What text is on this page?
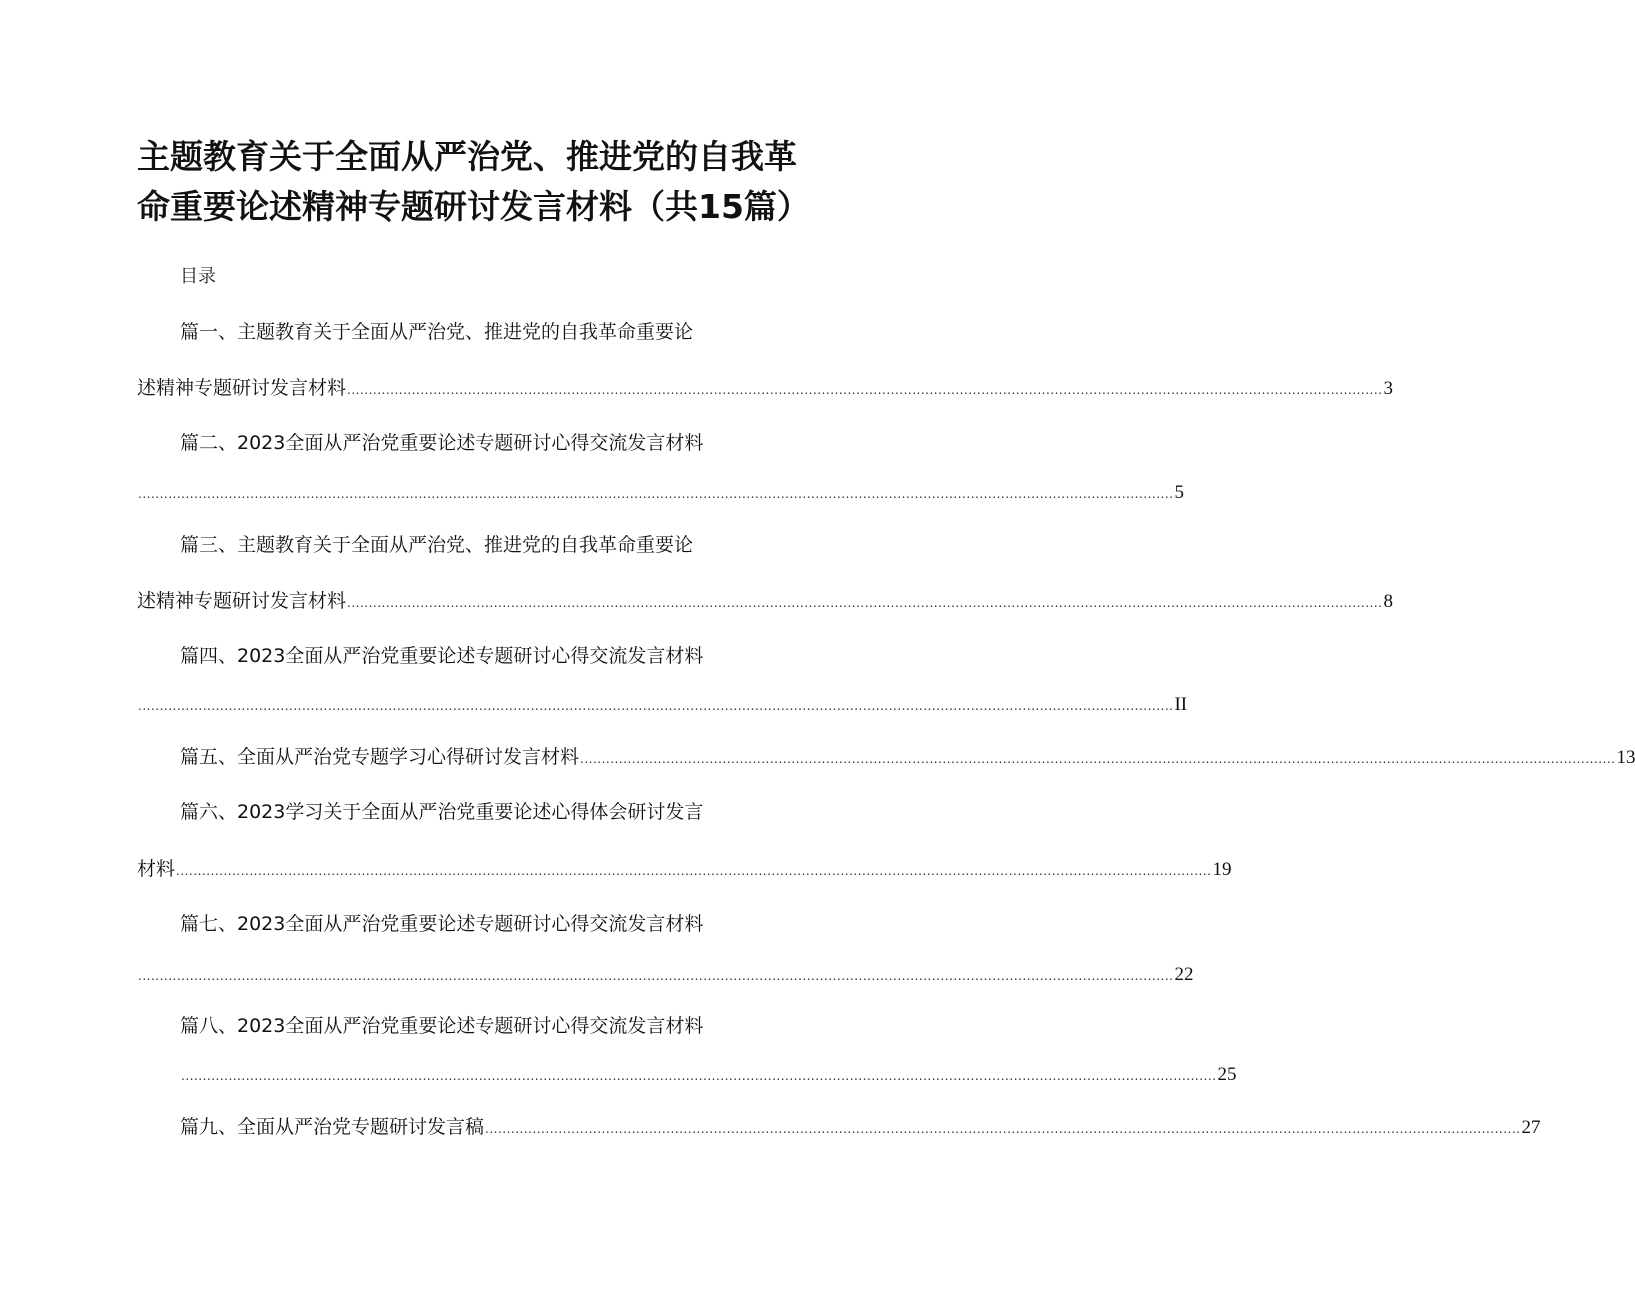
主题教育关于全面从严治党、推进党的自我革命重要论述精神专题研讨发言材料（共15篇）
目录
篇一、主题教育关于全面从严治党、推进党的自我革命重要论
述精神专题研讨发言材料 ................................................................................................................................................................................................................................................ 3
篇二、2023全面从严治党重要论述专题研讨心得交流发言材料
................................................................................................................................................................................................................................................ 5
篇三、主题教育关于全面从严治党、推进党的自我革命重要论
述精神专题研讨发言材料 ................................................................................................................................................................................................................................................ 8
篇四、2023全面从严治党重要论述专题研讨心得交流发言材料
................................................................................................................................................................................................................................................ II
篇五、全面从严治党专题学习心得研讨发言材料 ................................................................................................................................................................................................................................................ 13
篇六、2023学习关于全面从严治党重要论述心得体会研讨发言
材料 ................................................................................................................................................................................................................................................ 19
篇七、2023全面从严治党重要论述专题研讨心得交流发言材料
................................................................................................................................................................................................................................................ 22
篇八、2023全面从严治党重要论述专题研讨心得交流发言材料
................................................................................................................................................................................................................................................ 25
篇九、全面从严治党专题研讨发言稿 ................................................................................................................................................................................................................................................ 27
